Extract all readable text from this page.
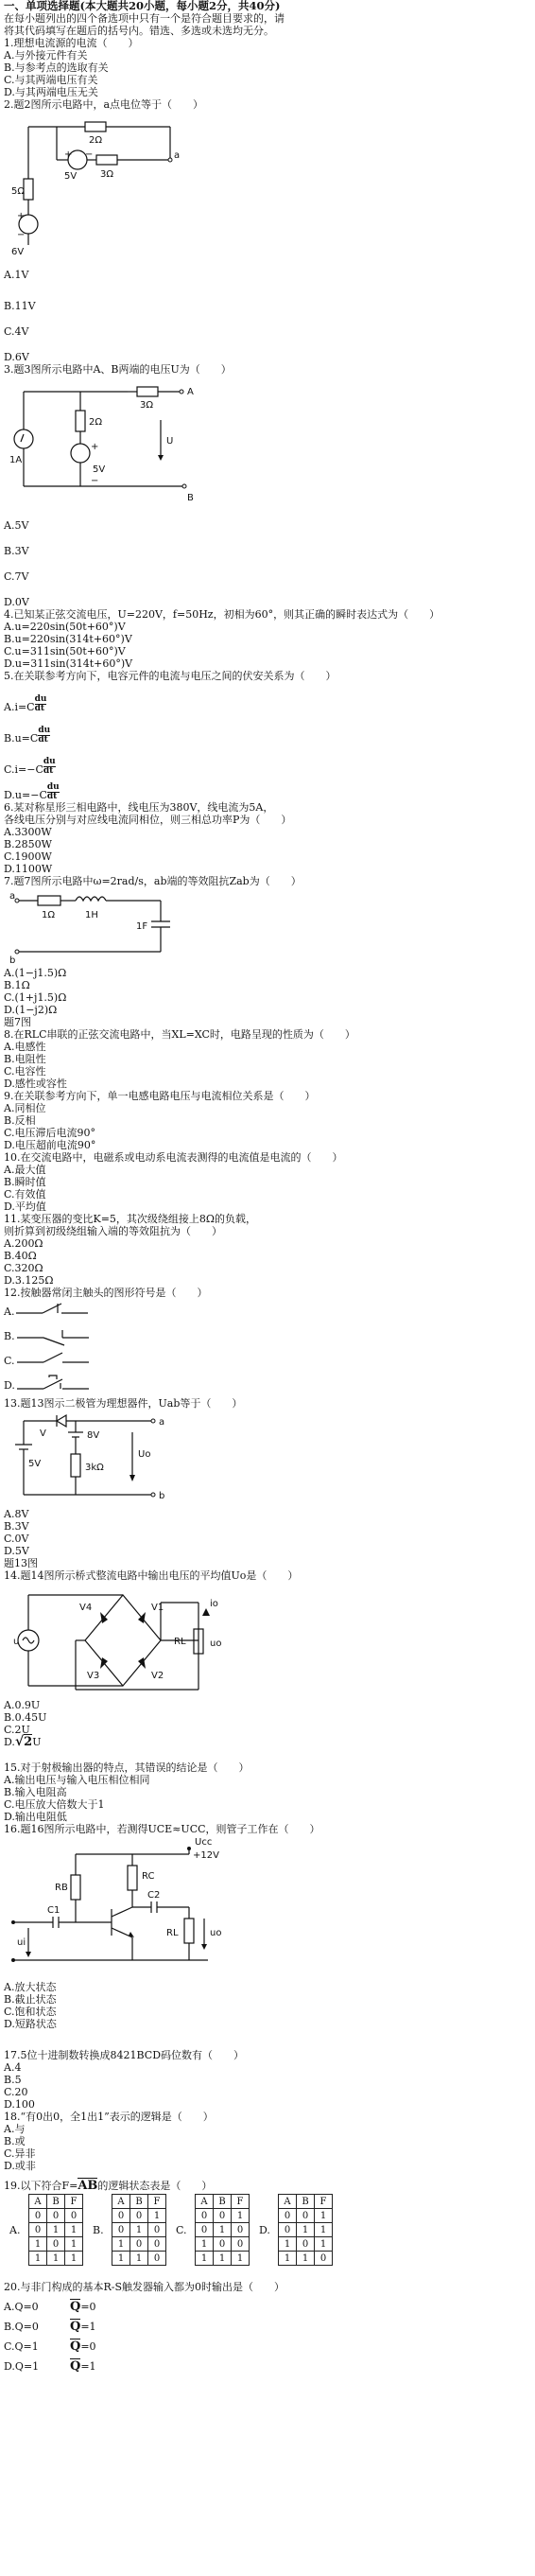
一、单项选择题(本大题共20小题，每小题2分，共40分)
在每小题列出的四个备选项中只有一个是符合题目要求的，请
将其代码填写在题后的括号内。错选、多选或未选均无分。
1.理想电流源的电流（　　）
A.与外接元件有关
B.与参考点的选取有关
C.与其两端电压有关
D.与其两端电压无关
2.题2图所示电路中，a点电位等于（　　）
2Ω
5V 3Ω
a
5Ω
6V
+ −
+
−
A.1V
B.11V
C.4V
D.6V
3.题3图所示电路中A、B两端的电压U为（　　）
A
B
3Ω
2Ω
1A
5V
U
+
−
A.5V
B.3V
C.7V
D.0V
4.已知某正弦交流电压，U=220V，f=50Hz，初相为60°，则其正确的瞬时表达式为（　　）
A.u=220sin(50t+60°)V
B.u=220sin(314t+60°)V
C.u=311sin(50t+60°)V
D.u=311sin(314t+60°)V
5.在关联参考方向下，电容元件的电流与电压之间的伏安关系为（　　）
$A.i=C \frac{du}{dt}$
$B.u=C \frac{du}{dt}$
$C.i=-C \frac{du}{dt}$
$D.u=-C \frac{du}{dt}$
6.某对称星形三相电路中，线电压为380V，线电流为5A，
各线电压分别与对应线电流同相位，则三相总功率P为（　　）
A.3300W
B.2850W
C.1900W
D.1100W
7.题7图所示电路中ω=2rad/s，ab端的等效阻抗Zab为（　　）
a
b
1Ω	1H
1F
A.(1−j1.5)Ω
B.1Ω
C.(1+j1.5)Ω
D.(1−j2)Ω
题7图
8.在RLC串联的正弦交流电路中，当XL=XC时，电路呈现的性质为（　　）
A.电感性
B.电阻性
C.电容性
D.感性或容性
9.在关联参考方向下，单一电感电路电压与电流相位关系是（　　）
A.同相位
B.反相
C.电压滞后电流90°
D.电压超前电流90°
10.在交流电路中，电磁系或电动系电流表测得的电流值是电流的（　　）
A.最大值
B.瞬时值
C.有效值
D.平均值
11.某变压器的变比K=5，其次级绕组接上8Ω的负载，
则折算到初级绕组输入端的等效阻抗为（　　）
A.200Ω
B.40Ω
C.320Ω
D.3.125Ω
12.按触器常闭主触头的图形符号是（　　）
A.
B.
C.
D.
13.题13图示二极管为理想器件，Uab等于（　　）
a
b
8V
5V	3kΩ
V
Uo
A.8V
B.3V
C.0V
D.5V
题13图
14.题14图所示桥式整流电路中输出电压的平均值Uo是（　　）
V1
V2
V3
V4
u	RL
io
uo
A.0.9U
B.0.45U
C.2U
D.√2U
15.对于射极输出器的特点，其错误的结论是（　　）
A.输出电压与输入电压相位相同
B.输入电阻高
C.电压放大倍数大于1
D.输出电阻低
16.题16图所示电路中，若测得UCE≈UCC，则管子工作在（　　）
RB
RC
Ucc
+12V
C1
C2
RL
ui
uo
A.放大状态
B.截止状态
C.饱和状态
D.短路状态
17.5位十进制数转换成8421BCD码位数有（　　）
A.4
B.5
C.20
D.100
18.“有0出0，全1出1”表示的逻辑是（　　）
A.与
B.或
C.异非
D.或非
19.以下符合F=AB的逻辑状态表是（　　）
A.
A	B	F
0	0	0
0	1	1
1	0	1
1	1	1
B.
A	B	F
0	0	1
0	1	0
1	0	0
1	1	0
C.
A	B	F
0	0	1
0	1	0
1	0	0
1	1	1
D.
A	B	F
0	0	1
0	1	1
1	0	1
1	1	0
20.与非门构成的基本R-S触发器输入都为0时输出是（　　）
A.Q=0	Q=0
B.Q=0	Q=1
C.Q=1	Q=0
D.Q=1	Q=1
